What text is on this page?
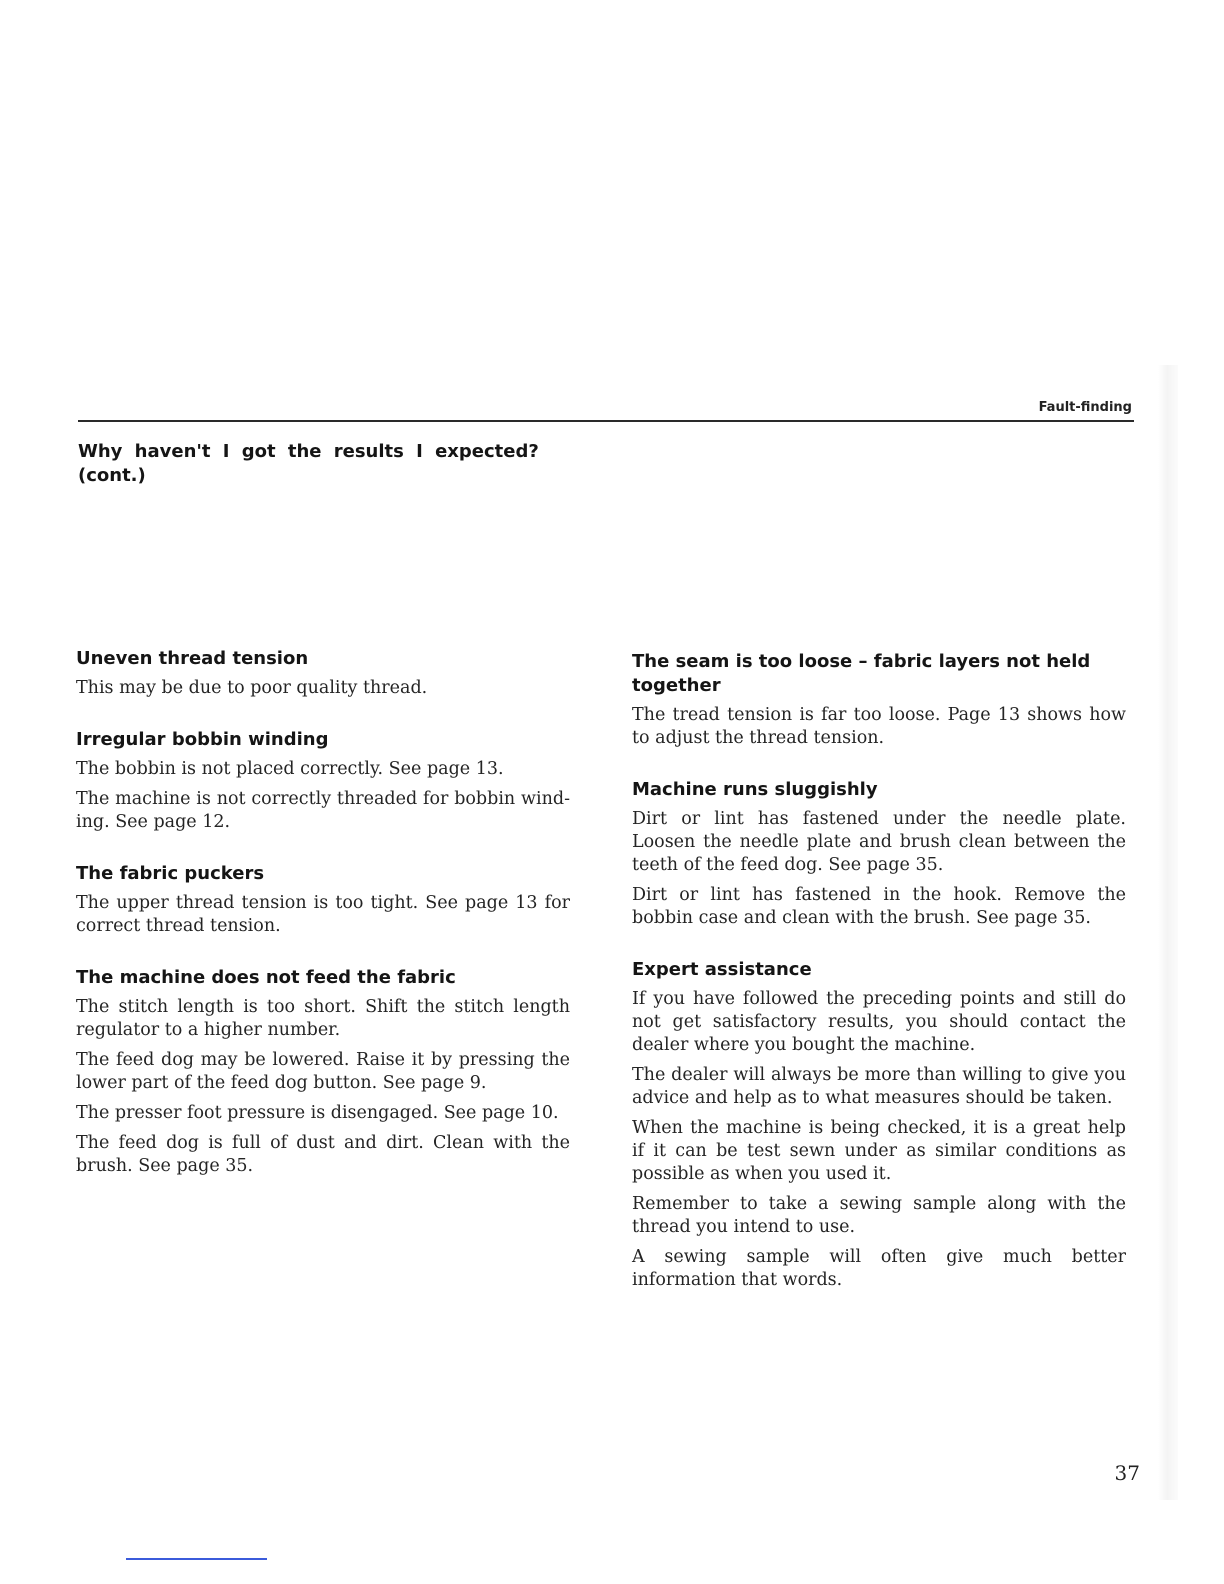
Fault-finding
Why haven't I got the results I expected?
(cont.)
Uneven thread tension

This may be due to poor quality thread.

Irregular bobbin winding

The bobbin is not placed correctly. See page 13.

The machine is not correctly threaded for bobbin wind-ing. See page 12.

The fabric puckers

The upper thread tension is too tight. See page 13 for correct thread tension.

The machine does not feed the fabric

The stitch length is too short. Shift the stitch length regulator to a higher number.

The feed dog may be lowered. Raise it by pressing the lower part of the feed dog button. See page 9.

The presser foot pressure is disengaged. See page 10.

The feed dog is full of dust and dirt. Clean with the brush. See page 35.

The seam is too loose – fabric layers not held together

The tread tension is far too loose. Page 13 shows how to adjust the thread tension.

Machine runs sluggishly

Dirt or lint has fastened under the needle plate. Loosen the needle plate and brush clean between the teeth of the feed dog. See page 35.

Dirt or lint has fastened in the hook. Remove the bobbin case and clean with the brush. See page 35.

Expert assistance

If you have followed the preceding points and still do not get satisfactory results, you should contact the dealer where you bought the machine.

The dealer will always be more than willing to give you advice and help as to what measures should be taken.

When the machine is being checked, it is a great help if it can be test sewn under as similar conditions as possible as when you used it.

Remember to take a sewing sample along with the thread you intend to use.

A sewing sample will often give much better information that words.

37
